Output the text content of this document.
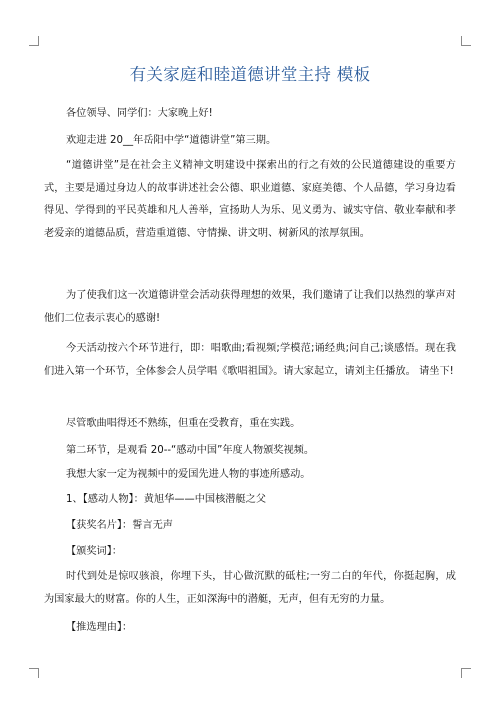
有关家庭和睦道德讲堂主持 模板

各位领导、同学们：大家晚上好!

欢迎走进 20__年岳阳中学“道德讲堂”第三期。

“道德讲堂”是在社会主义精神文明建设中探索出的行之有效的公民道德建设的重要方式，主要是通过身边人的故事讲述社会公德、职业道德、家庭美德、个人品德，学习身边看得见、学得到的平民英雄和凡人善举，宣扬助人为乐、见义勇为、诚实守信、敬业奉献和孝老爱亲的道德品质，营造重道德、守情操、讲文明、树新风的浓厚氛围。

为了使我们这一次道德讲堂会活动获得理想的效果，我们邀请了让我们以热烈的掌声对他们二位表示衷心的感谢!

今天活动按六个环节进行，即：唱歌曲;看视频;学模范;诵经典;问自己;谈感悟。现在我们进入第一个环节，全体参会人员学唱《歌唱祖国》。请大家起立，请刘主任播放。 请坐下!

尽管歌曲唱得还不熟练，但重在受教育，重在实践。

第二环节，是观看 20--“感动中国”年度人物颁奖视频。

我想大家一定为视频中的爱国先进人物的事迹所感动。

1、【感动人物】：黄旭华——中国核潜艇之父

【获奖名片】：誓言无声

【颁奖词】：

时代到处是惊叹骇浪，你埋下头，甘心做沉默的砥柱;一穷二白的年代，你挺起胸，成为国家最大的财富。你的人生，正如深海中的潜艇，无声，但有无穷的力量。

【推选理由】：
